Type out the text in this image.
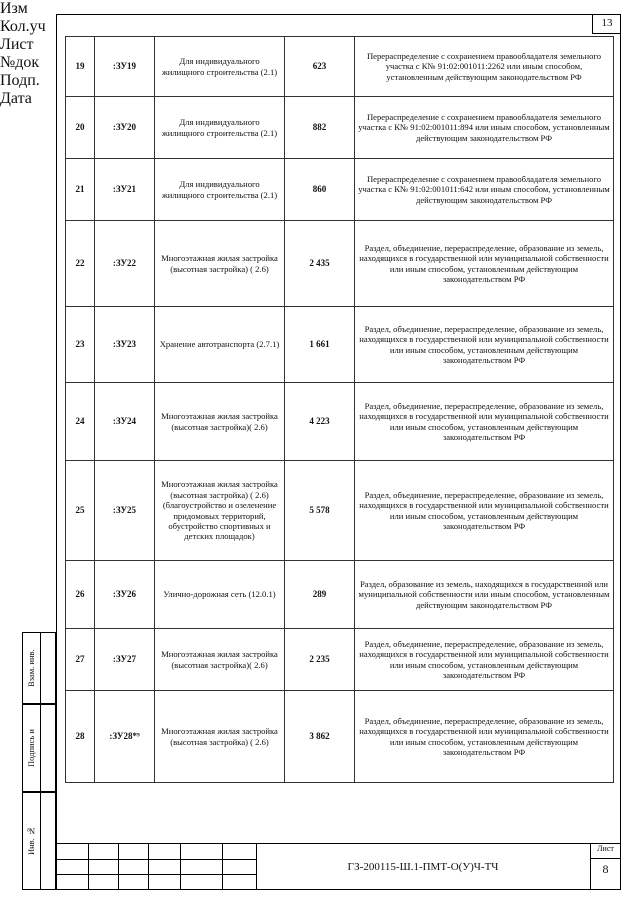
13
19	:ЗУ19	Для индивидуального жилищного строительства (2.1)	623	Перераспределение с сохранением правообладателя земельного участка с К№ 91:02:001011:2262 или иным способом, установленным действующим законодательством РФ
20	:ЗУ20	Для индивидуального жилищного строительства (2.1)	882	Перераспределение с сохранением правообладателя земельного участка с К№ 91:02:001011:894 или иным способом, установленным действующим законодательством РФ
21	:ЗУ21	Для индивидуального жилищного строительства (2.1)	860	Перераспределение с сохранением правообладателя земельного участка с К№ 91:02:001011:642 или иным способом, установленным действующим законодательством РФ
22	:ЗУ22	Многоэтажная жилая застройка (высотная застройка) ( 2.6)	2 435	Раздел, объединение, перераспределение, образование из земель, находящихся в государственной или муниципальной собственности или иным способом, установленным действующим законодательством РФ
23	:ЗУ23	Хранение автотранспорта (2.7.1)	1 661	Раздел, объединение, перераспределение, образование из земель, находящихся в государственной или муниципальной собственности или иным способом, установленным действующим законодательством РФ
24	:ЗУ24	Многоэтажная жилая застройка (высотная застройка)( 2.6)	4 223	Раздел, объединение, перераспределение, образование из земель, находящихся в государственной или муниципальной собственности или иным способом, установленным действующим законодательством РФ
25	:ЗУ25	Многоэтажная жилая застройка (высотная застройка) ( 2.6) (благоустройство и озеленение придомовых территорий, обустройство спортивных и детских площадок)	5 578	Раздел, объединение, перераспределение, образование из земель, находящихся в государственной или муниципальной собственности или иным способом, установленным действующим законодательством РФ
26	:ЗУ26	Улично-дорожная сеть (12.0.1)	289	Раздел, образование из земель, находящихся в государственной или муниципальной собственности или иным способом, установленным действующим законодательством РФ
27	:ЗУ27	Многоэтажная жилая застройка (высотная застройка)( 2.6)	2 235	Раздел, объединение, перераспределение, образование из земель, находящихся в государственной или муниципальной собственности или иным способом, установленным действующим законодательством РФ
28	:ЗУ28*⁹	Многоэтажная жилая застройка (высотная застройка) ( 2.6)	3 862	Раздел, объединение, перераспределение, образование из земель, находящихся в государственной или муниципальной собственности или иным способом, установленным действующим законодательством РФ
Взам. инв.
Подпись и
Инв. №
ГЗ-200115-Ш.1-ПМТ-О(У)Ч-ТЧ
Лист
8
Изм
Кол.уч
Лист
№док
Подп.
Дата
